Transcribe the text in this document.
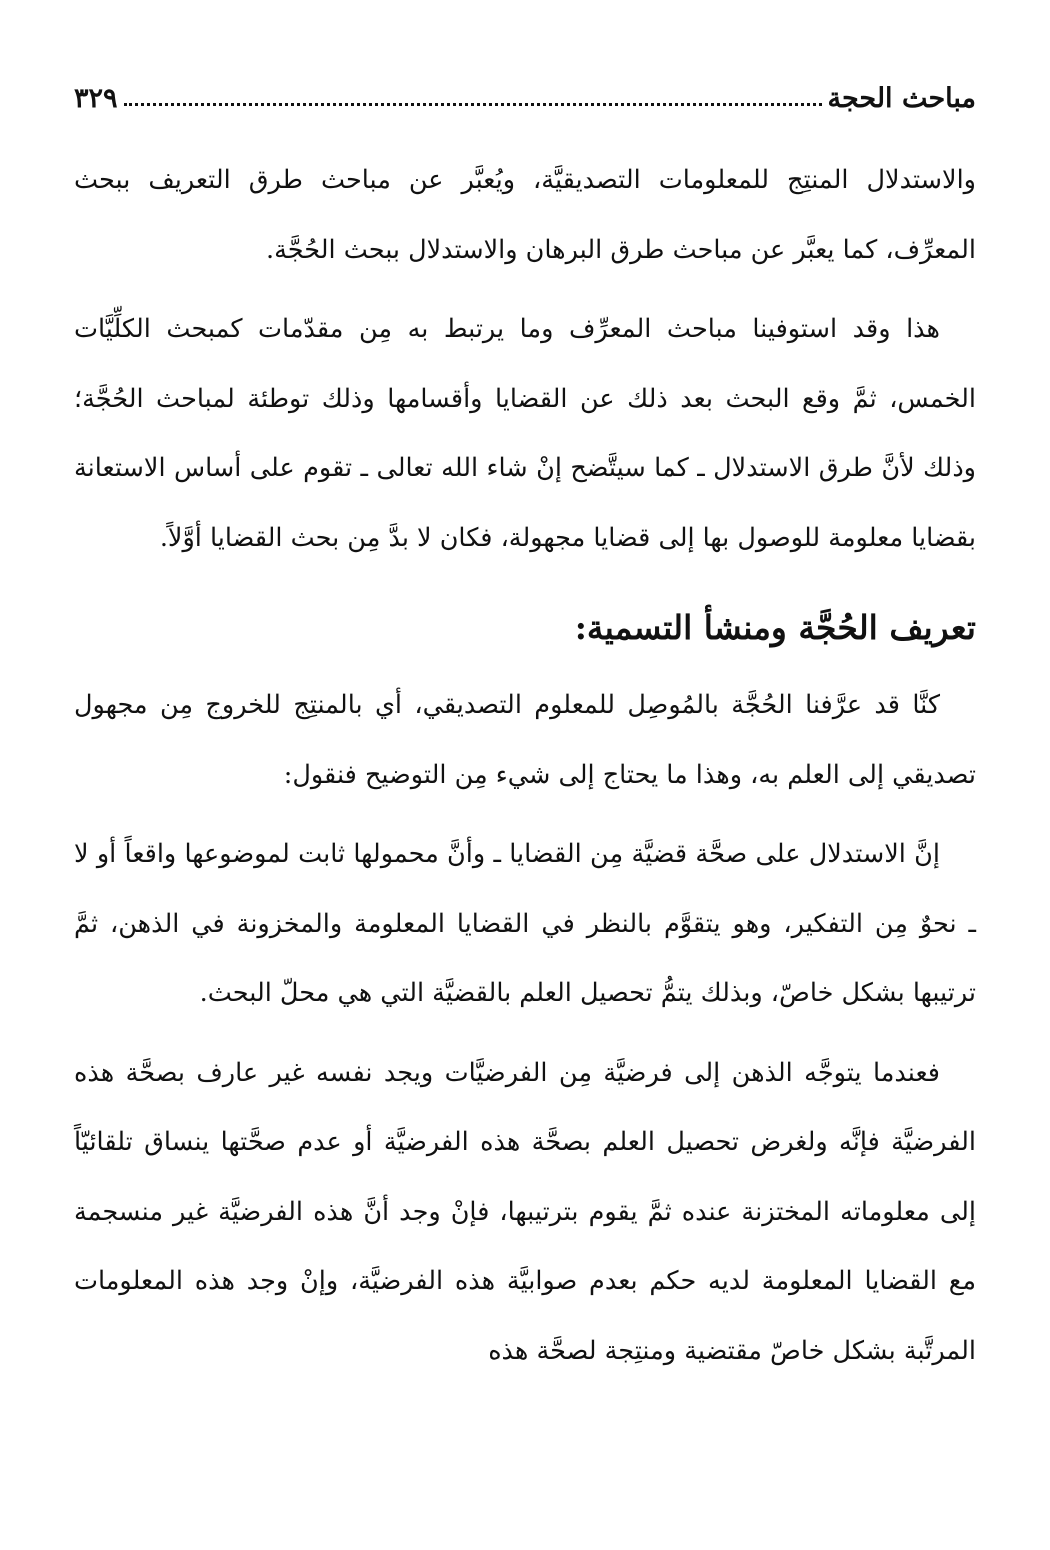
مباحث الحجة
٣٢٩

والاستدلال المنتِج للمعلومات التصديقيَّة، ويُعبَّر عن مباحث طرق التعريف ببحث المعرِّف، كما يعبَّر عن مباحث طرق البرهان والاستدلال ببحث الحُجَّة.

هذا وقد استوفينا مباحث المعرِّف وما يرتبط به مِن مقدّمات كمبحث الكلِّيَّات الخمس، ثمَّ وقع البحث بعد ذلك عن القضايا وأقسامها وذلك توطئة لمباحث الحُجَّة؛ وذلك لأنَّ طرق الاستدلال ـ كما سيتَّضح إنْ شاء الله تعالى ـ تقوم على أساس الاستعانة بقضايا معلومة للوصول بها إلى قضايا مجهولة، فكان لا بدَّ مِن بحث القضايا أوَّلاً.

تعريف الحُجَّة ومنشأ التسمية:

كنَّا قد عرَّفنا الحُجَّة بالمُوصِل للمعلوم التصديقي، أي بالمنتِج للخروج مِن مجهول تصديقي إلى العلم به، وهذا ما يحتاج إلى شيء مِن التوضيح فنقول:

إنَّ الاستدلال على صحَّة قضيَّة مِن القضايا ـ وأنَّ محمولها ثابت لموضوعها واقعاً أو لا ـ نحوٌ مِن التفكير، وهو يتقوَّم بالنظر في القضايا المعلومة والمخزونة في الذهن، ثمَّ ترتيبها بشكل خاصّ، وبذلك يتمُّ تحصيل العلم بالقضيَّة التي هي محلّ البحث.

فعندما يتوجَّه الذهن إلى فرضيَّة مِن الفرضيَّات ويجد نفسه غير عارف بصحَّة هذه الفرضيَّة فإنَّه ولغرض تحصيل العلم بصحَّة هذه الفرضيَّة أو عدم صحَّتها ينساق تلقائيّاً إلى معلوماته المختزنة عنده ثمَّ يقوم بترتيبها، فإنْ وجد أنَّ هذه الفرضيَّة غير منسجمة مع القضايا المعلومة لديه حكم بعدم صوابيَّة هذه الفرضيَّة، وإنْ وجد هذه المعلومات المرتَّبة بشكل خاصّ مقتضية ومنتِجة لصحَّة هذه
